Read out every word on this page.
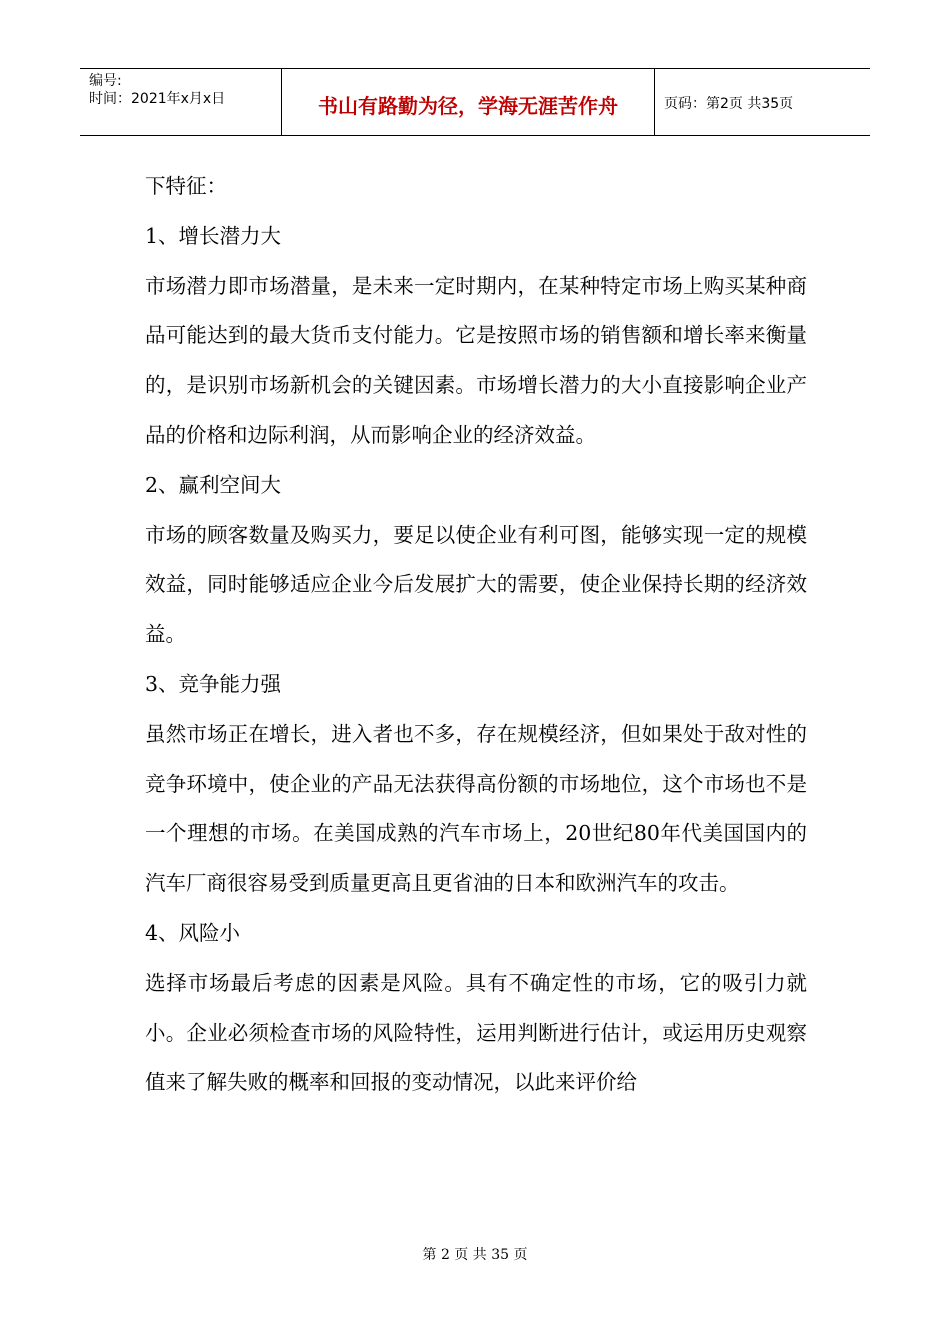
编号:
时间：2021年x月x日	书山有路勤为径，学海无涯苦作舟	页码：第2页 共35页

下特征：

1、增长潜力大

市场潜力即市场潜量，是未来一定时期内，在某种特定市场上购买某种商品可能达到的最大货币支付能力。它是按照市场的销售额和增长率来衡量的，是识别市场新机会的关键因素。市场增长潜力的大小直接影响企业产品的价格和边际利润，从而影响企业的经济效益。

2、赢利空间大

市场的顾客数量及购买力，要足以使企业有利可图，能够实现一定的规模效益，同时能够适应企业今后发展扩大的需要，使企业保持长期的经济效益。

3、竞争能力强

虽然市场正在增长，进入者也不多，存在规模经济，但如果处于敌对性的竞争环境中，使企业的产品无法获得高份额的市场地位，这个市场也不是一个理想的市场。在美国成熟的汽车市场上，20世纪80年代美国国内的汽车厂商很容易受到质量更高且更省油的日本和欧洲汽车的攻击。

4、风险小

选择市场最后考虑的因素是风险。具有不确定性的市场，它的吸引力就小。企业必须检查市场的风险特性，运用判断进行估计，或运用历史观察值来了解失败的概率和回报的变动情况，以此来评价给

第 2 页 共 35 页
